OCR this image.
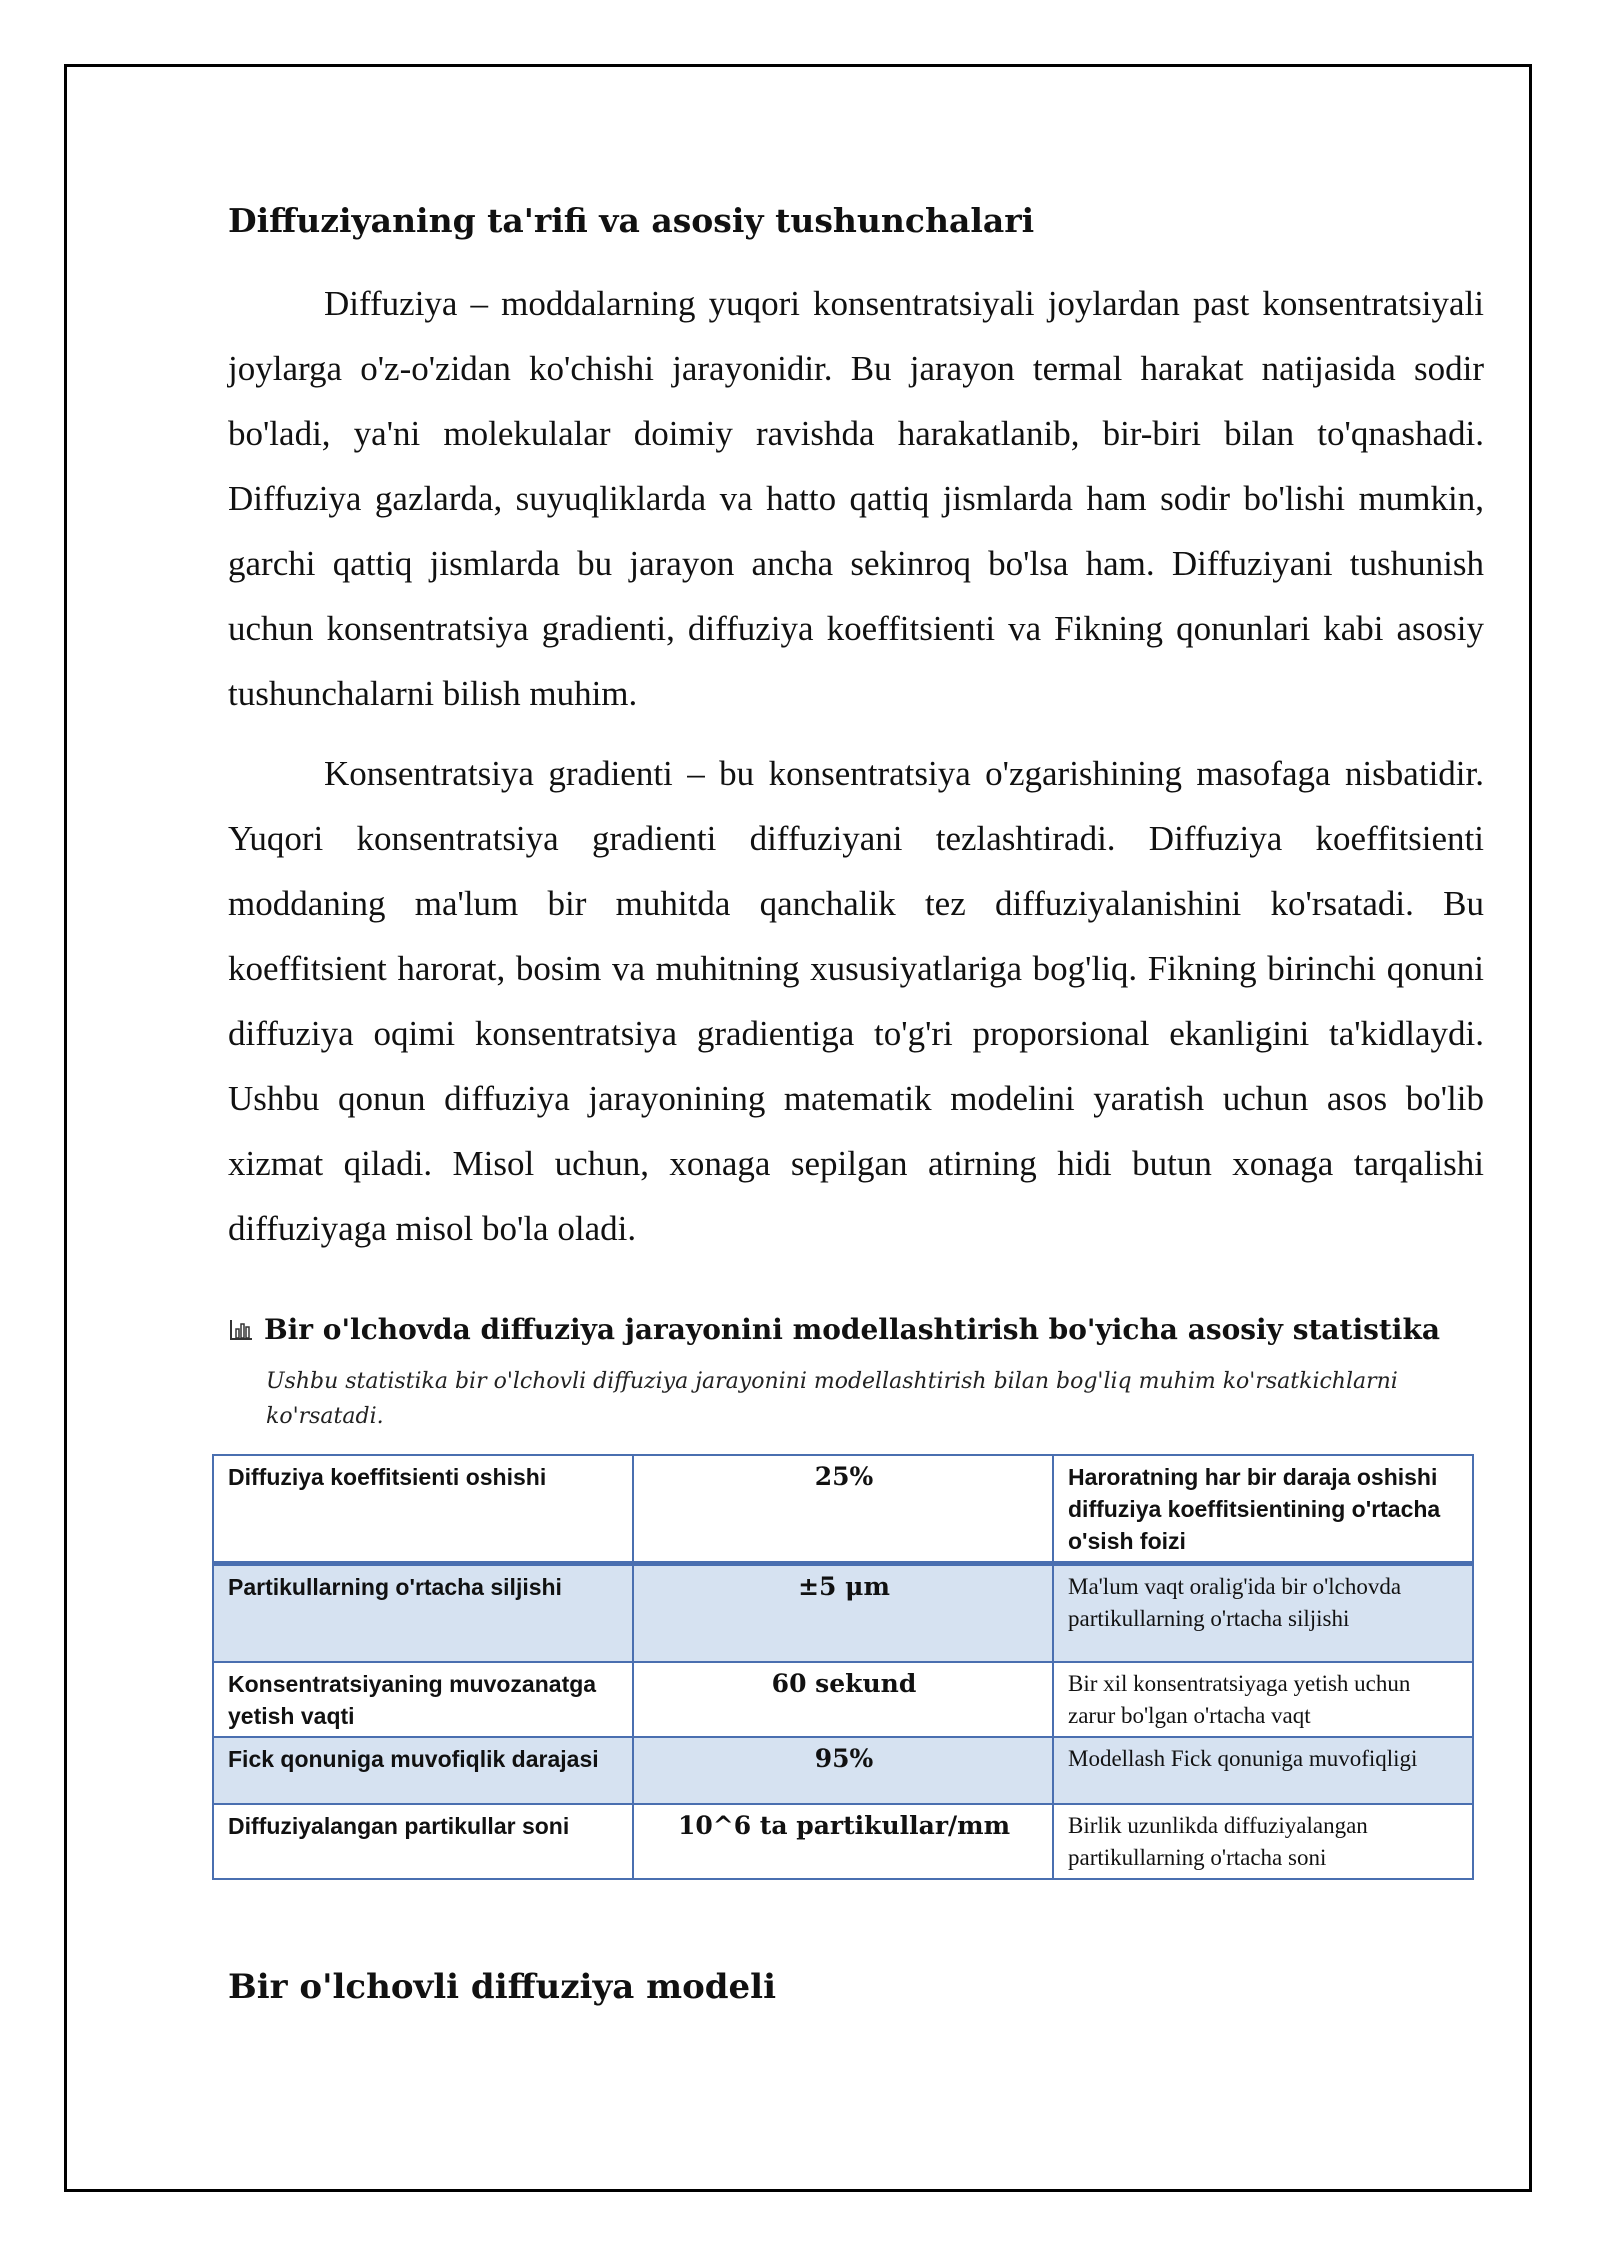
Diffuziyaning ta'rifi va asosiy tushunchalari

Diffuziya – moddalarning yuqori konsentratsiyali joylardan past konsentratsiyali joylarga o'z-o'zidan ko'chishi jarayonidir. Bu jarayon termal harakat natijasida sodir bo'ladi, ya'ni molekulalar doimiy ravishda harakatlanib, bir-biri bilan to'qnashadi. Diffuziya gazlarda, suyuqliklarda va hatto qattiq jismlarda ham sodir bo'lishi mumkin, garchi qattiq jismlarda bu jarayon ancha sekinroq bo'lsa ham. Diffuziyani tushunish uchun konsentratsiya gradienti, diffuziya koeffitsienti va Fikning qonunlari kabi asosiy tushunchalarni bilish muhim.

Konsentratsiya gradienti – bu konsentratsiya o'zgarishining masofaga nisbatidir. Yuqori konsentratsiya gradienti diffuziyani tezlashtiradi. Diffuziya koeffitsienti moddaning ma'lum bir muhitda qanchalik tez diffuziyalanishini ko'rsatadi. Bu koeffitsient harorat, bosim va muhitning xususiyatlariga bog'liq. Fikning birinchi qonuni diffuziya oqimi konsentratsiya gradientiga to'g'ri proporsional ekanligini ta'kidlaydi. Ushbu qonun diffuziya jarayonining matematik modelini yaratish uchun asos bo'lib xizmat qiladi. Misol uchun, xonaga sepilgan atirning hidi butun xonaga tarqalishi diffuziyaga misol bo'la oladi.

Bir o'lchovda diffuziya jarayonini modellashtirish bo'yicha asosiy statistika
Ushbu statistika bir o'lchovli diffuziya jarayonini modellashtirish bilan bog'liq muhim ko'rsatkichlarni ko'rsatadi.
Diffuziya koeffitsienti oshishi	25%	Haroratning har bir daraja oshishi diffuziya koeffitsientining o'rtacha o'sish foizi
Partikullarning o'rtacha siljishi	±5 μm	Ma'lum vaqt oralig'ida bir o'lchovda partikullarning o'rtacha siljishi
Konsentratsiyaning muvozanatga yetish vaqti	60 sekund	Bir xil konsentratsiyaga yetish uchun zarur bo'lgan o'rtacha vaqt
Fick qonuniga muvofiqlik darajasi	95%	Modellash Fick qonuniga muvofiqligi
Diffuziyalangan partikullar soni	10^6 ta partikullar/mm	Birlik uzunlikda diffuziyalangan partikullarning o'rtacha soni
Bir o'lchovli diffuziya modeli
